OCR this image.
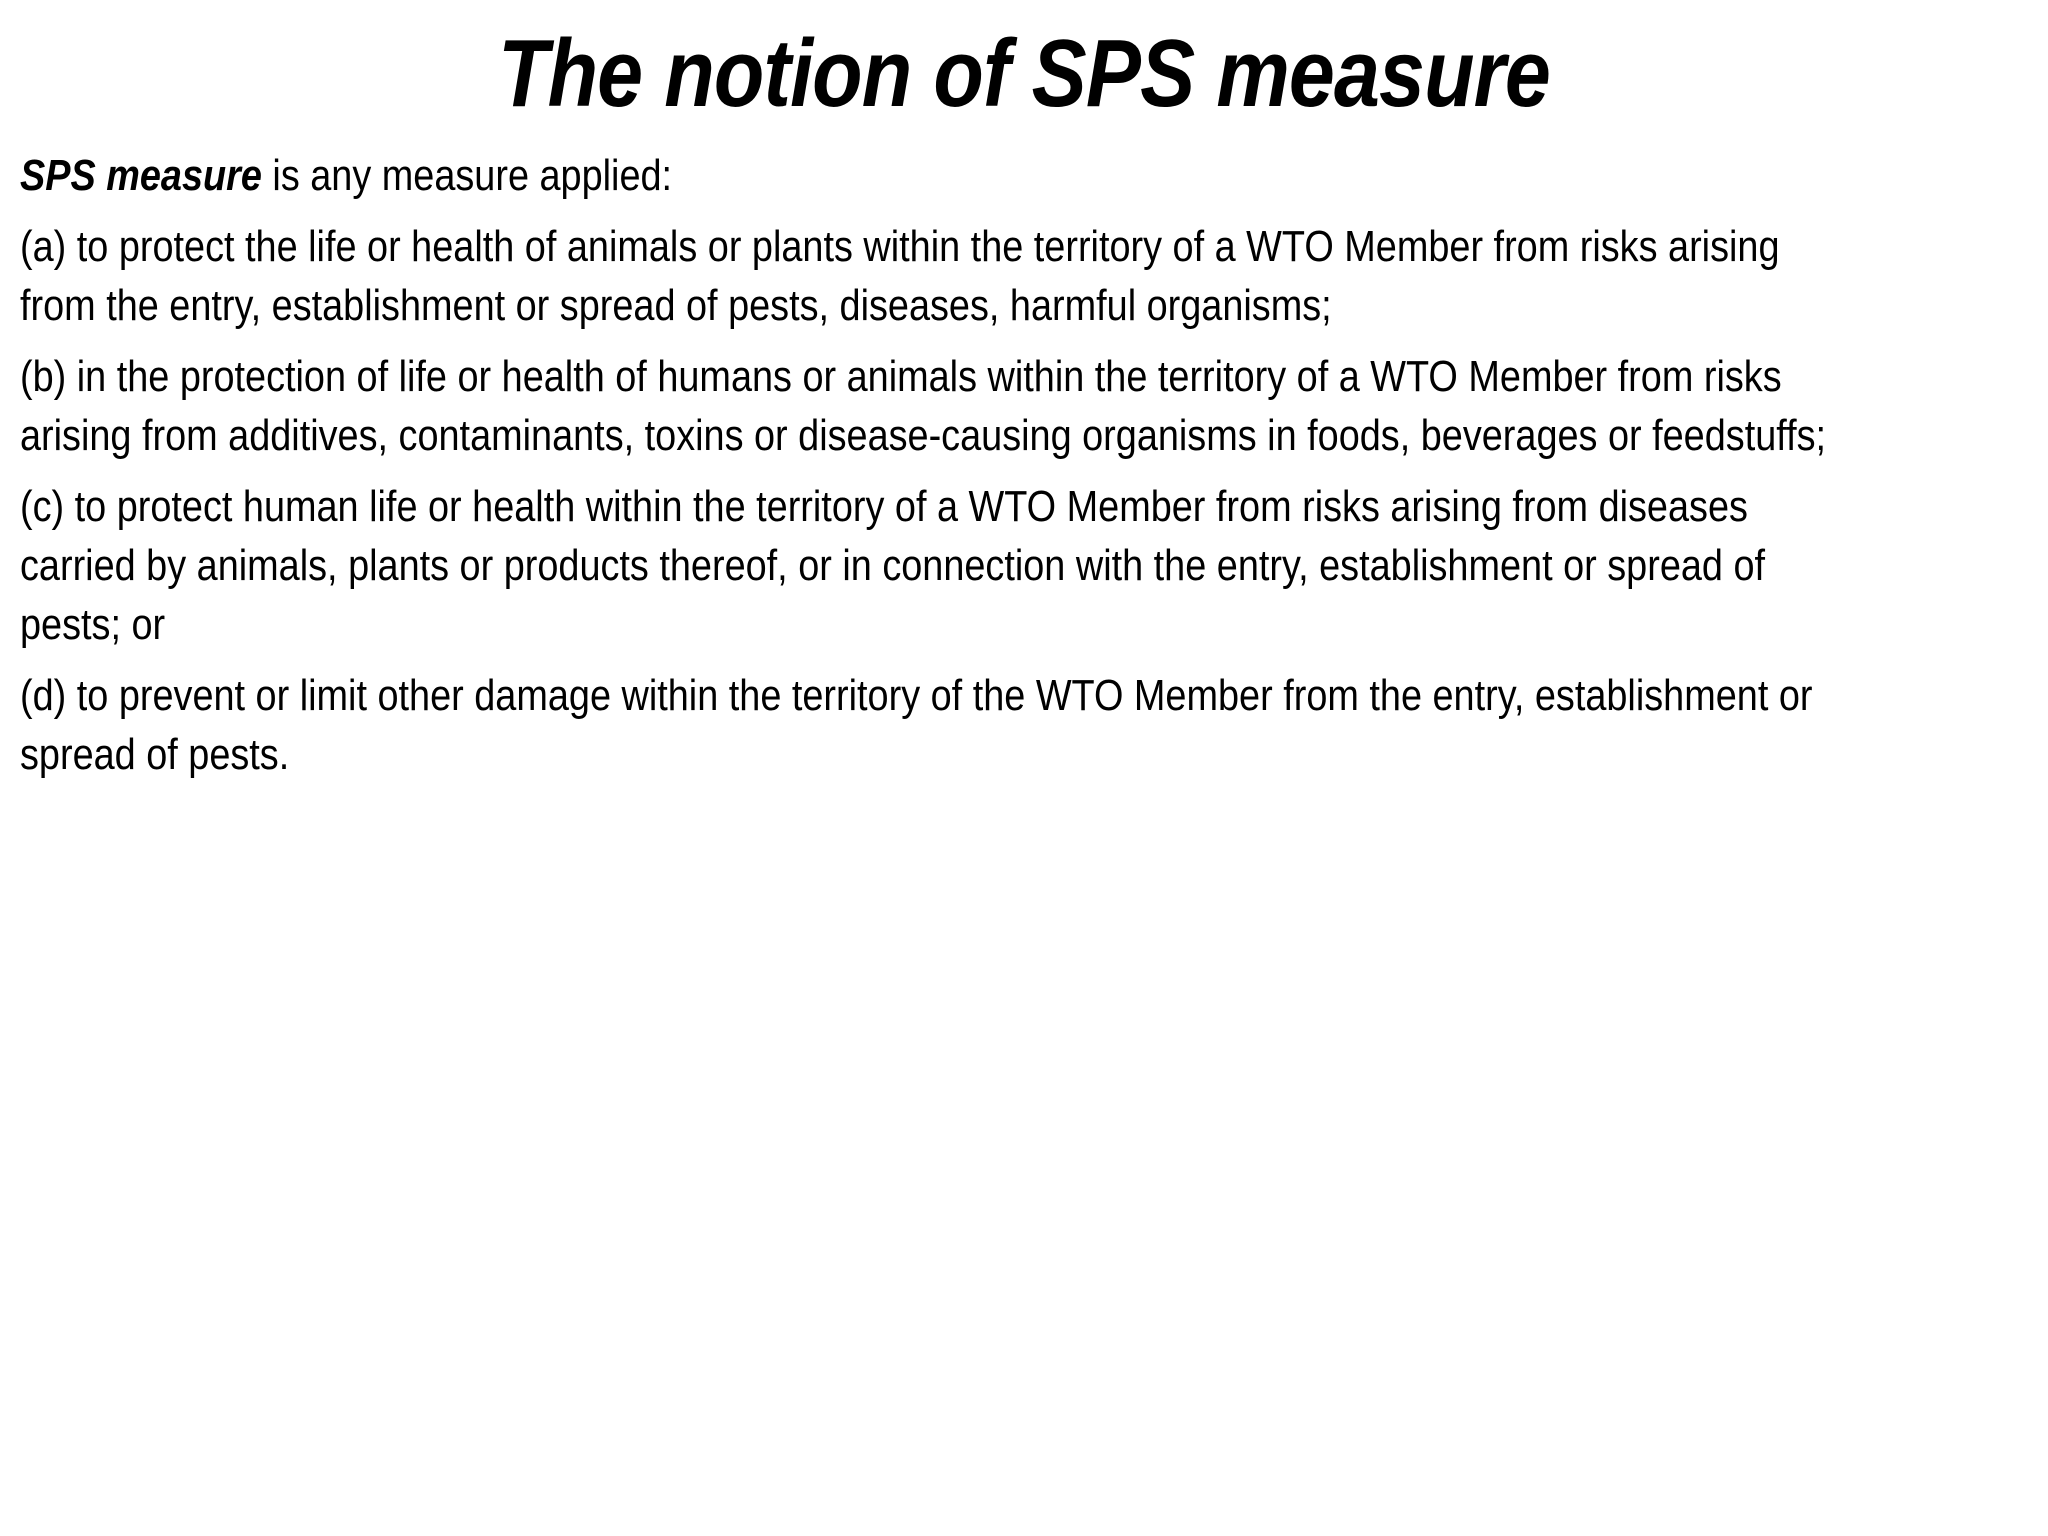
The notion of SPS measure

SPS measure is any measure applied:

(a) to protect the life or health of animals or plants within the territory of a WTO Member from risks arising
from the entry, establishment or spread of pests, diseases, harmful organisms;

(b) in the protection of life or health of humans or animals within the territory of a WTO Member from risks
arising from additives, contaminants, toxins or disease-causing organisms in foods, beverages or feedstuffs;

(c) to protect human life or health within the territory of a WTO Member from risks arising from diseases
carried by animals, plants or products thereof, or in connection with the entry, establishment or spread of
pests; or

(d) to prevent or limit other damage within the territory of the WTO Member from the entry, establishment or
spread of pests.
